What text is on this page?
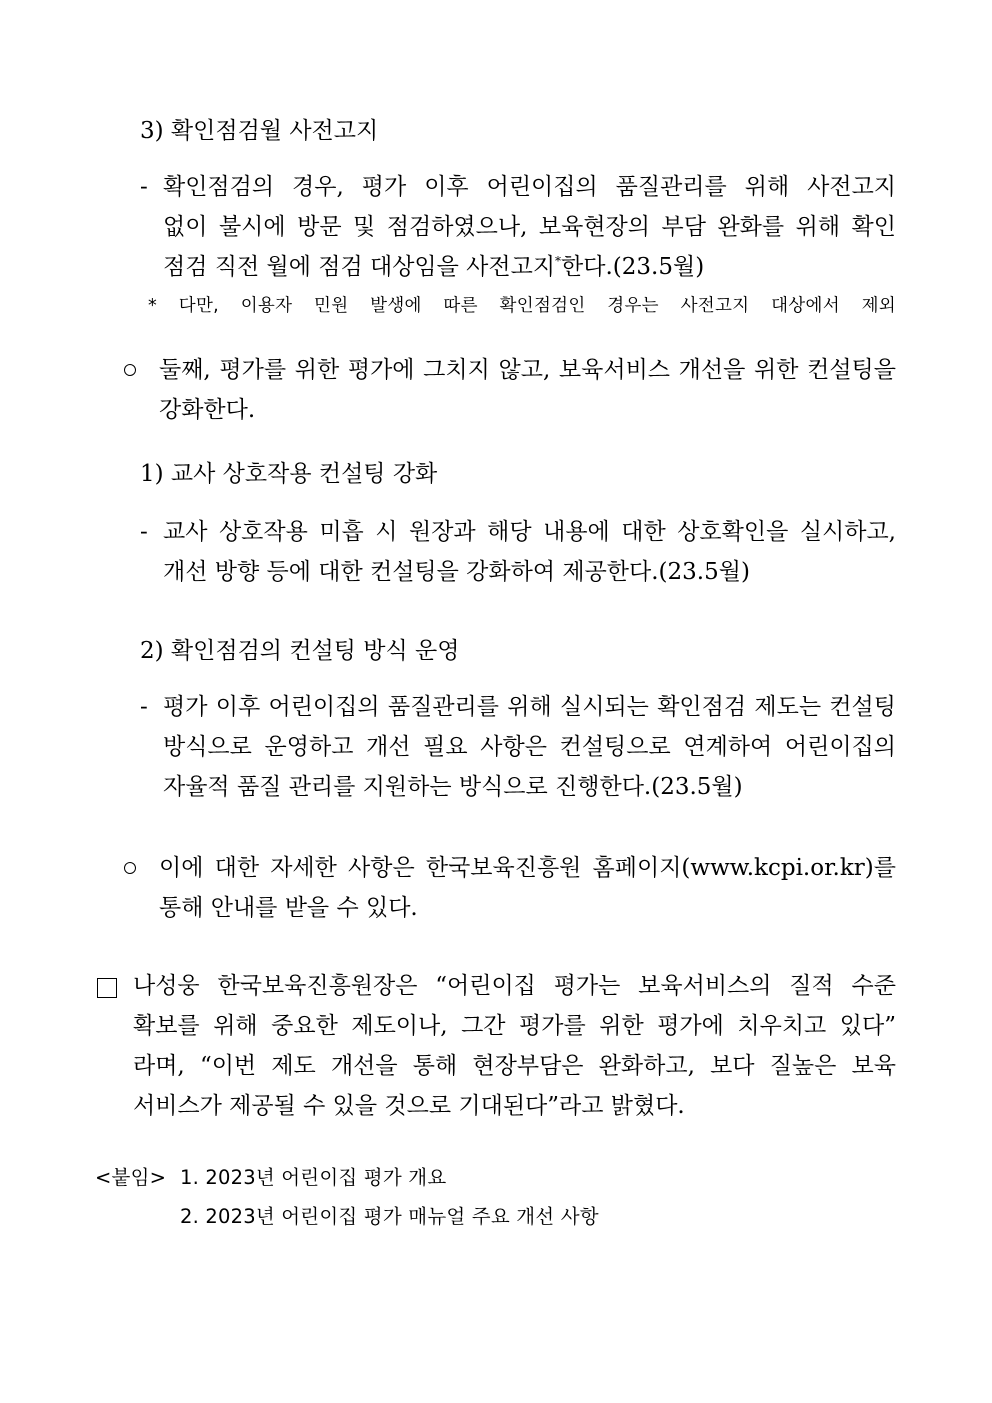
3) 확인점검월 사전고지
- 확인점검의 경우, 평가 이후 어린이집의 품질관리를 위해 사전고지
없이 불시에 방문 및 점검하였으나, 보육현장의 부담 완화를 위해 확인
점검 직전 월에 점검 대상임을 사전고지*한다.(23.5월)
* 다만, 이용자 민원 발생에 따른 확인점검인 경우는 사전고지 대상에서 제외
둘째, 평가를 위한 평가에 그치지 않고, 보육서비스 개선을 위한 컨설팅을
강화한다.
1) 교사 상호작용 컨설팅 강화
- 교사 상호작용 미흡 시 원장과 해당 내용에 대한 상호확인을 실시하고,
개선 방향 등에 대한 컨설팅을 강화하여 제공한다.(23.5월)
2) 확인점검의 컨설팅 방식 운영
- 평가 이후 어린이집의 품질관리를 위해 실시되는 확인점검 제도는 컨설팅
방식으로 운영하고 개선 필요 사항은 컨설팅으로 연계하여 어린이집의
자율적 품질 관리를 지원하는 방식으로 진행한다.(23.5월)
이에 대한 자세한 사항은 한국보육진흥원 홈페이지(www.kcpi.or.kr)를
통해 안내를 받을 수 있다.
나성웅 한국보육진흥원장은 “어린이집 평가는 보육서비스의 질적 수준
확보를 위해 중요한 제도이나, 그간 평가를 위한 평가에 치우치고 있다”
라며, “이번 제도 개선을 통해 현장부담은 완화하고, 보다 질높은 보육
서비스가 제공될 수 있을 것으로 기대된다”라고 밝혔다.
<붙임> 1. 2023년 어린이집 평가 개요
2. 2023년 어린이집 평가 매뉴얼 주요 개선 사항
